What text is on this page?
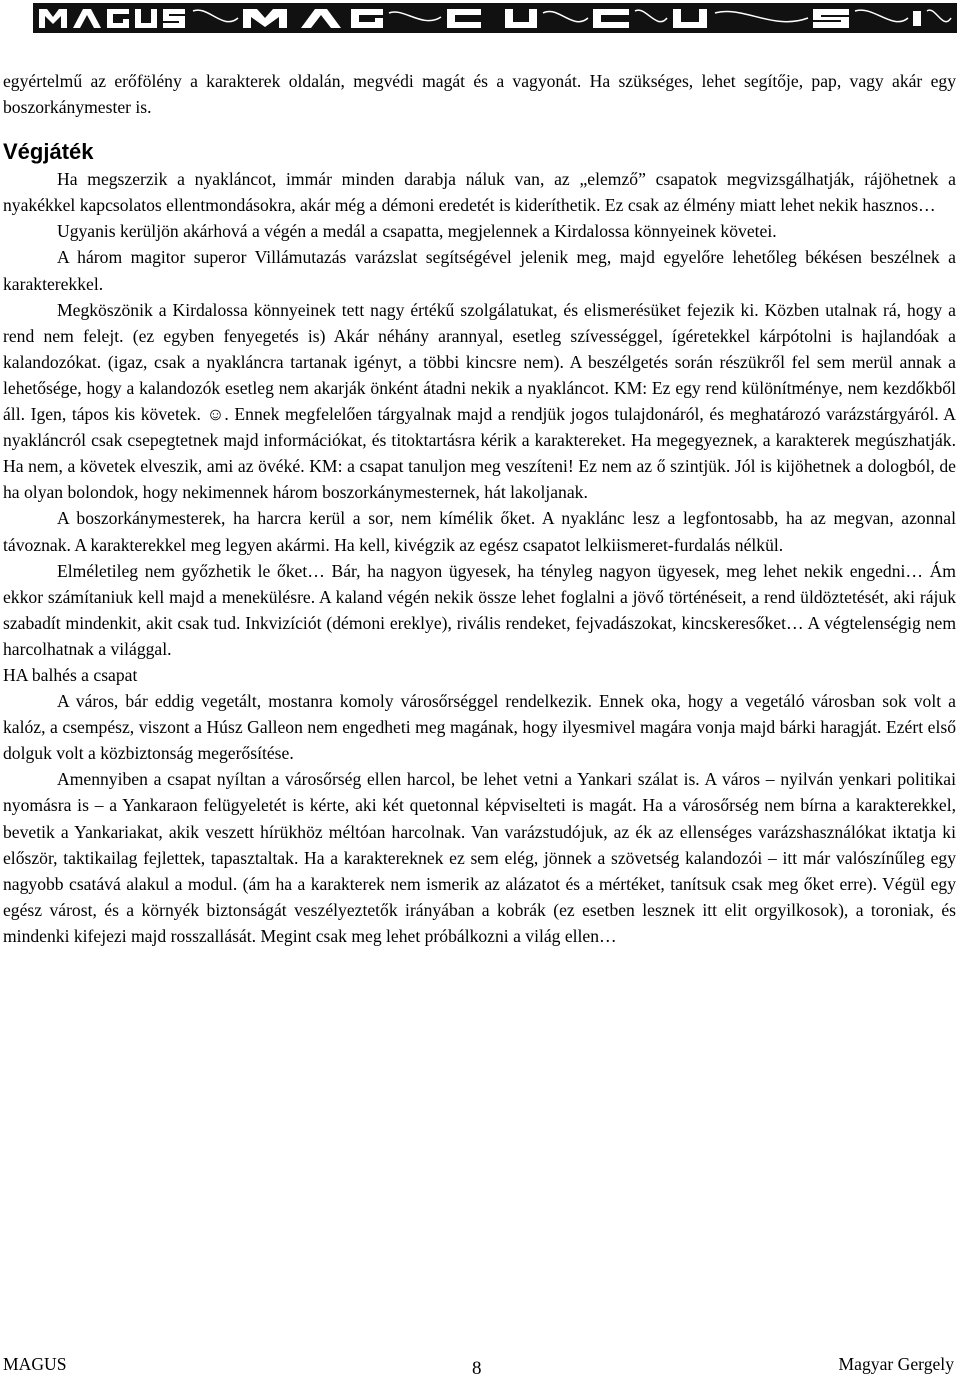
egyértelmű az erőfölény a karakterek oldalán, megvédi magát és a vagyonát. Ha szükséges, lehet segítője, pap, vagy akár egy boszorkánymester is.

Végjáték

Ha megszerzik a nyakláncot, immár minden darabja náluk van, az „elemző” csapatok megvizsgálhatják, rájöhetnek a nyakékkel kapcsolatos ellentmondásokra, akár még a démoni eredetét is kideríthetik. Ez csak az élmény miatt lehet nekik hasznos…

Ugyanis kerüljön akárhová a végén a medál a csapatta, megjelennek a Kirdalossa könnyeinek követei.

A három magitor superor Villámutazás varázslat segítségével jelenik meg, majd egyelőre lehetőleg békésen beszélnek a karakterekkel.

Megköszönik a Kirdalossa könnyeinek tett nagy értékű szolgálatukat, és elismerésüket fejezik ki. Közben utalnak rá, hogy a rend nem felejt. (ez egyben fenyegetés is) Akár néhány arannyal, esetleg szívességgel, ígéretekkel kárpótolni is hajlandóak a kalandozókat. (igaz, csak a nyakláncra tartanak igényt, a többi kincsre nem). A beszélgetés során részükről fel sem merül annak a lehetősége, hogy a kalandozók esetleg nem akarják önként átadni nekik a nyakláncot. KM: Ez egy rend különítménye, nem kezdőkből áll. Igen, tápos kis követek. ☺. Ennek megfelelően tárgyalnak majd a rendjük jogos tulajdonáról, és meghatározó varázstárgyáról. A nyakláncról csak csepegtetnek majd információkat, és titoktartásra kérik a karaktereket. Ha megegyeznek, a karakterek megúszhatják. Ha nem, a követek elveszik, ami az övéké. KM: a csapat tanuljon meg veszíteni! Ez nem az ő szintjük. Jól is kijöhetnek a dologból, de ha olyan bolondok, hogy nekimennek három boszorkánymesternek, hát lakoljanak.

A boszorkánymesterek, ha harcra kerül a sor, nem kímélik őket. A nyaklánc lesz a legfontosabb, ha az megvan, azonnal távoznak. A karakterekkel meg legyen akármi. Ha kell, kivégzik az egész csapatot lelkiismeret-furdalás nélkül.

Elméletileg nem győzhetik le őket… Bár, ha nagyon ügyesek, ha tényleg nagyon ügyesek, meg lehet nekik engedni… Ám ekkor számítaniuk kell majd a menekülésre. A kaland végén nekik össze lehet foglalni a jövő történéseit, a rend üldöztetését, aki rájuk szabadít mindenkit, akit csak tud. Inkvizíciót (démoni ereklye), rivális rendeket, fejvadászokat, kincskeresőket… A végtelenségig nem harcolhatnak a világgal.

HA balhés a csapat

A város, bár eddig vegetált, mostanra komoly városőrséggel rendelkezik. Ennek oka, hogy a vegetáló városban sok volt a kalóz, a csempész, viszont a Húsz Galleon nem engedheti meg magának, hogy ilyesmivel magára vonja majd bárki haragját. Ezért első dolguk volt a közbiztonság megerősítése.

Amennyiben a csapat nyíltan a városőrség ellen harcol, be lehet vetni a Yankari szálat is. A város – nyilván yenkari politikai nyomásra is – a Yankaraon felügyeletét is kérte, aki két quetonnal képviselteti is magát. Ha a városőrség nem bírna a karakterekkel, bevetik a Yankariakat, akik veszett hírükhöz méltóan harcolnak. Van varázstudójuk, az ék az ellenséges varázshasználókat iktatja ki először, taktikailag fejlettek, tapasztaltak. Ha a karaktereknek ez sem elég, jönnek a szövetség kalandozói – itt már valószínűleg egy nagyobb csatává alakul a modul. (ám ha a karakterek nem ismerik az alázatot és a mértéket, tanítsuk csak meg őket erre). Végül egy egész várost, és a környék biztonságát veszélyeztetők irányában a kobrák (ez esetben lesznek itt elit orgyilkosok), a toroniak, és mindenki kifejezi majd rosszallását. Megint csak meg lehet próbálkozni a világ ellen…

MAGUS	8	Magyar Gergely
